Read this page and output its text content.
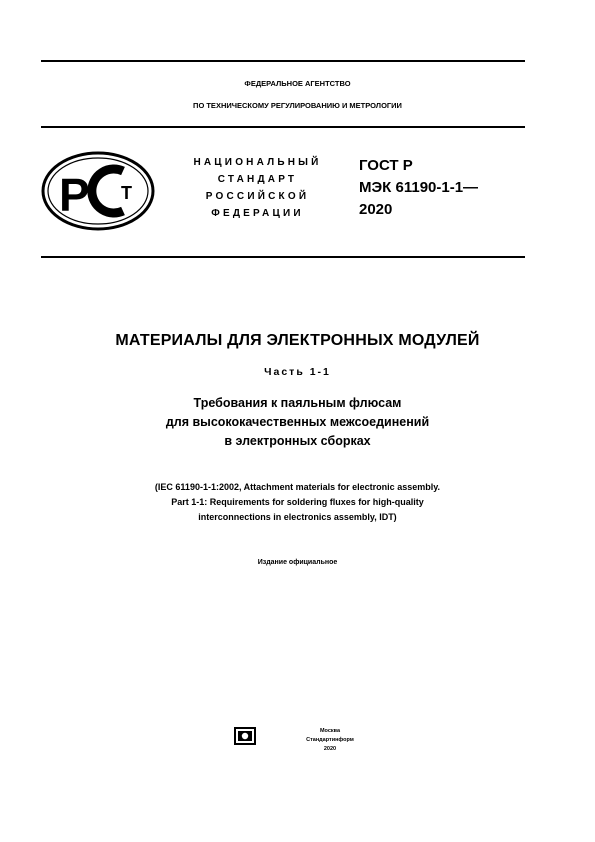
ФЕДЕРАЛЬНОЕ АГЕНТСТВО
ПО ТЕХНИЧЕСКОМУ РЕГУЛИРОВАНИЮ И МЕТРОЛОГИИ
Р Т
НАЦИОНАЛЬНЫЙ
СТАНДАРТ
РОССИЙСКОЙ
ФЕДЕРАЦИИ
ГОСТ Р
МЭК 61190-1-1—
2020
МАТЕРИАЛЫ ДЛЯ ЭЛЕКТРОННЫХ МОДУЛЕЙ
Часть 1-1
Требования к паяльным флюсам
для высококачественных межсоединений
в электронных сборках
(IEC 61190-1-1:2002, Attachment materials for electronic assembly.
Part 1-1: Requirements for soldering fluxes for high-quality
interconnections in electronics assembly, IDT)
Издание официальное
Москва
Стандартинформ
2020
